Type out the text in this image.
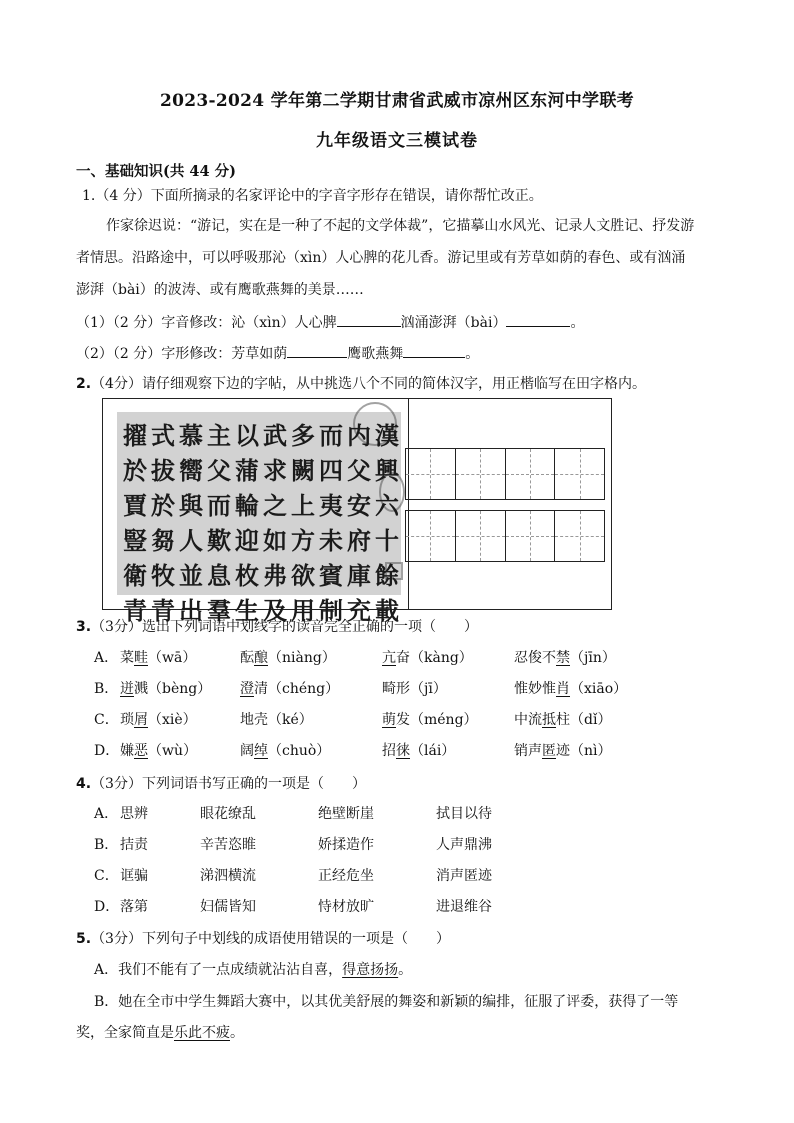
2023-2024 学年第二学期甘肃省武威市凉州区东河中学联考
九年级语文三模试卷
一、基础知识(共 44 分)
1.（4 分）下面所摘录的名家评论中的字音字形存在错误，请你帮忙改正。
作家徐迟说：“游记，实在是一种了不起的文学体裁”，它描摹山水风光、记录人文胜记、抒发游
者情思。沿路途中，可以呼吸那沁（xìn）人心脾的花儿香。游记里或有芳草如荫的春色、或有汹涌
澎湃（bài）的波涛、或有鹰歌燕舞的美景……
（1）（2 分）字音修改：沁（xìn）人心脾	汹涌澎湃（bài）	。
（2）（2 分）字形修改：芳草如荫	鹰歌燕舞	。
2.（4分）请仔细观察下边的字帖，从中挑选八个不同的简体汉字，用正楷临写在田字格内。
漢
興
六
十
餘
載
内
父
安
府
庫
充
而
四
夷
未
賓
制
多
闕
上
方
欲
用
武
求
之
如
弗
及
以
蒲
輪
迎
枚
生
主
父
而
歎
息
羣
慕
嚮
與
人
並
出
式
拔
於
芻
牧
青
擢
於
賈
豎
衛
青
3.（3分）选出下列词语中划线字的读音完全正确的一项（　　）
A． 菜畦（wā）	酝酿（niàng）	亢奋（kàng）	忍俊不禁（jīn）
B． 迸溅（bèng） 澄清（chéng）	畸形（jī）	惟妙惟肖（xiāo）
C． 琐屑（xiè）	地壳（ké）	萌发（méng）	中流抵柱（dǐ）
D． 嫌恶（wù）	阔绰（chuò）	招徕（lái）	销声匿迹（nì）
4.（3分）下列词语书写正确的一项是（　　）
A． 思辨	眼花缭乱	绝壁断崖	拭目以待
B． 拮责	辛苦恣睢	娇揉造作	人声鼎沸
C． 诓骗	涕泗横流	正经危坐	消声匿迹
D． 落第	妇儒皆知	恃材放旷	进退维谷
5.（3分）下列句子中划线的成语使用错误的一项是（　　）
A．我们不能有了一点成绩就沾沾自喜，得意扬扬。
B．她在全市中学生舞蹈大赛中，以其优美舒展的舞姿和新颖的编排，征服了评委，获得了一等
奖，全家简直是乐此不疲。
